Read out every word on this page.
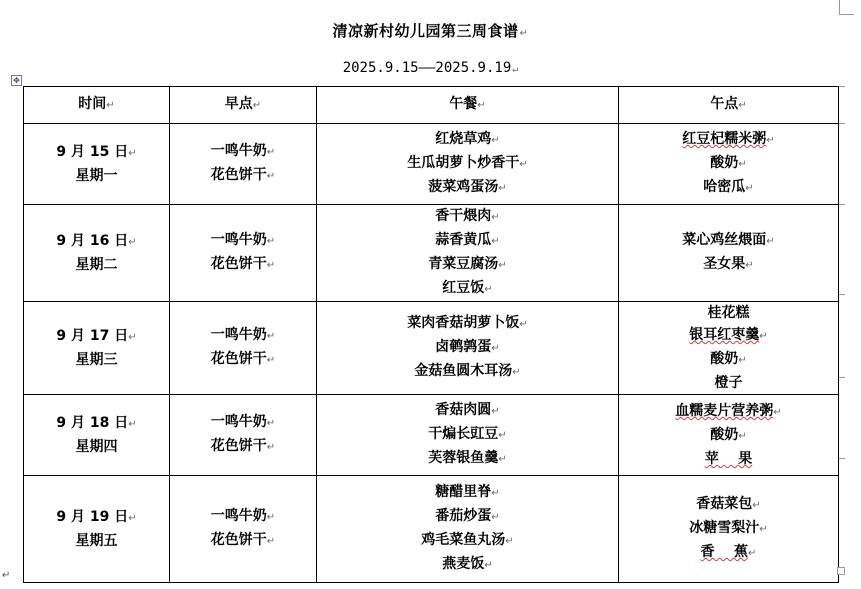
清凉新村幼儿园第三周食谱↵
2025.9.15——2025.9.19↵
✥
时间↵	早点↵	午餐↵	午点↵

9 月 15 日↵
星期一	一鸣牛奶↵
花色饼干↵	红烧草鸡↵
生瓜胡萝卜炒香干↵
菠菜鸡蛋汤↵	红豆杞糯米粥↵
酸奶↵
哈密瓜↵

9 月 16 日↵
星期二	一鸣牛奶↵
花色饼干↵	香干煨肉↵
蒜香黄瓜↵
青菜豆腐汤↵
红豆饭↵	菜心鸡丝煨面↵
圣女果↵

9 月 17 日↵
星期三	一鸣牛奶↵
花色饼干↵	菜肉香菇胡萝卜饭↵
卤鹌鹑蛋↵
金菇鱼圆木耳汤↵	桂花糕
银耳红枣羹↵
酸奶↵
橙子

9 月 18 日↵
星期四	一鸣牛奶↵
花色饼干↵	香菇肉圆↵
干煸长豇豆↵
芙蓉银鱼羹↵	血糯麦片营养粥↵
酸奶↵
苹    果

9 月 19 日↵
星期五	一鸣牛奶↵
花色饼干↵	糖醋里脊↵
番茄炒蛋↵
鸡毛菜鱼丸汤↵
燕麦饭↵	香菇菜包↵
冰糖雪梨汁↵
香    蕉↵
↵
